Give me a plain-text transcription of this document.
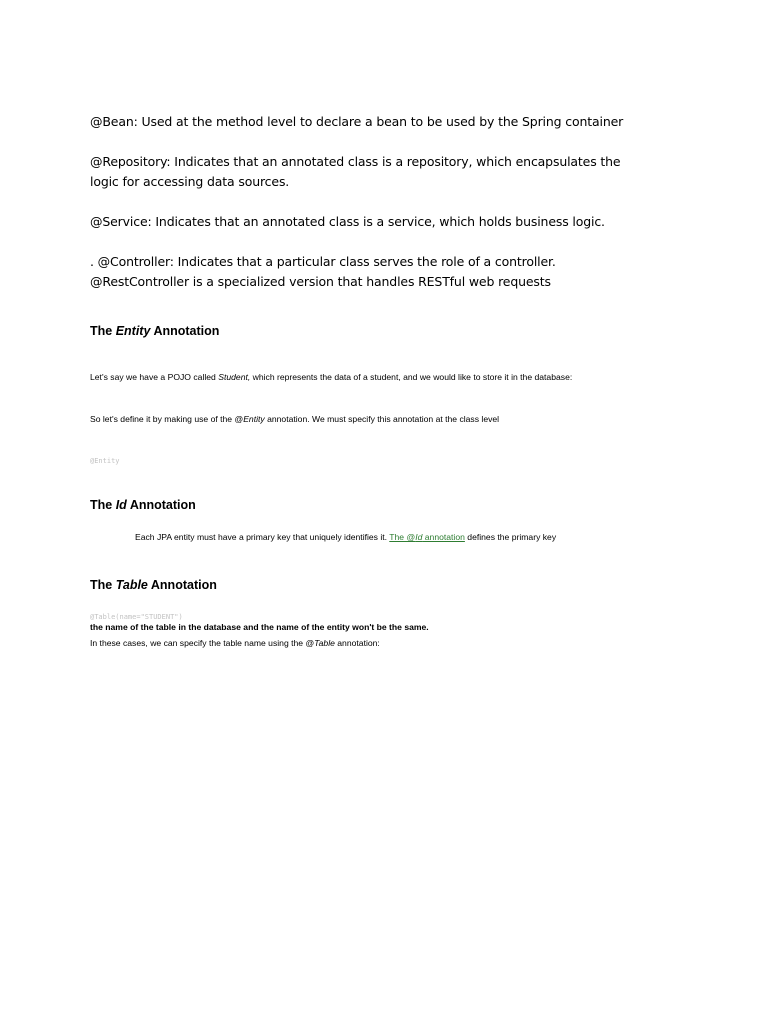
@Bean: Used at the method level to declare a bean to be used by the Spring container
@Repository: Indicates that an annotated class is a repository, which encapsulates the logic for accessing data sources.
@Service: Indicates that an annotated class is a service, which holds business logic.
. @Controller: Indicates that a particular class serves the role of a controller. @RestController is a specialized version that handles RESTful web requests
The Entity Annotation
Let's say we have a POJO called Student, which represents the data of a student, and we would like to store it in the database:
So let's define it by making use of the @Entity annotation. We must specify this annotation at the class level
@Entity
The Id Annotation
Each JPA entity must have a primary key that uniquely identifies it. The @Id annotation defines the primary key
The Table Annotation
@Table(name="STUDENT")
the name of the table in the database and the name of the entity won't be the same.
In these cases, we can specify the table name using the @Table annotation:
